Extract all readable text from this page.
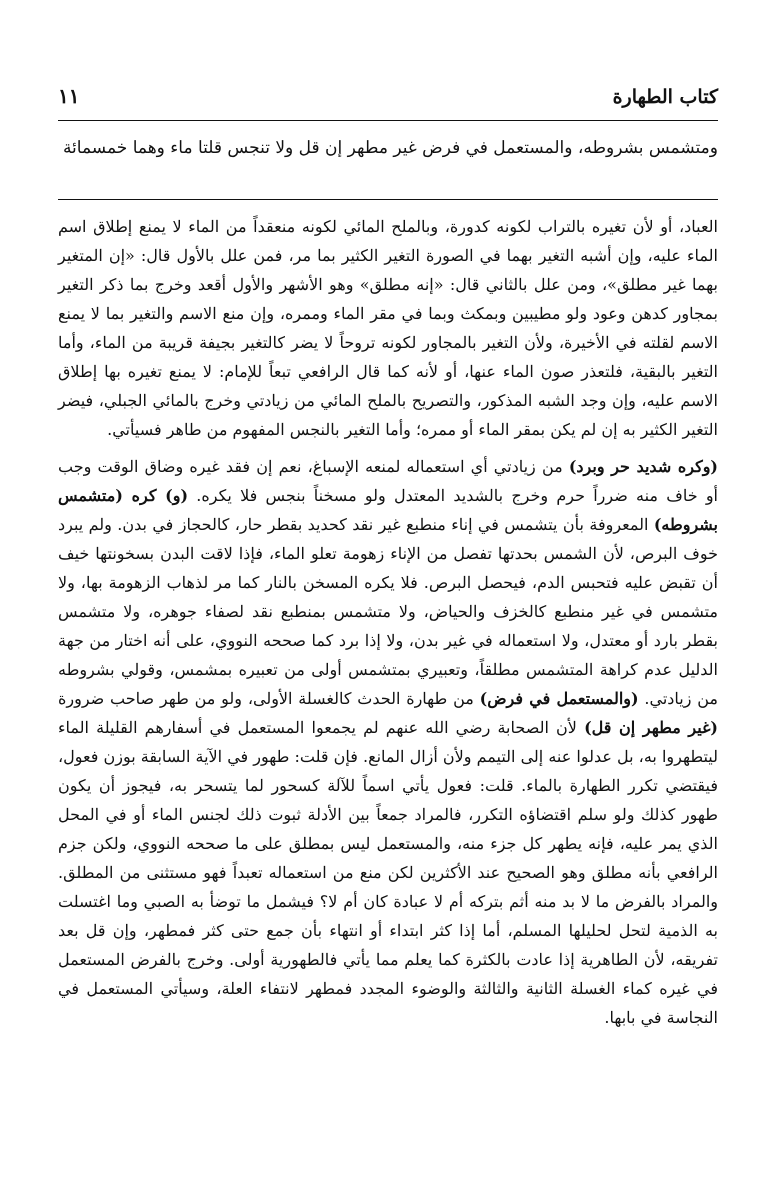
كتاب الطهارة
١١
ومتشمس بشروطه، والمستعمل في فرض غير مطهر إن قل ولا تنجس قلتا ماء وهما خمسمائة

العباد، أو لأن تغيره بالتراب لكونه كدورة، وبالملح المائي لكونه منعقداً من الماء لا يمنع إطلاق اسم الماء عليه، وإن أشبه التغير بهما في الصورة التغير الكثير بما مر، فمن علل بالأول قال: «إن المتغير بهما غير مطلق»، ومن علل بالثاني قال: «إنه مطلق» وهو الأشهر والأول أقعد وخرج بما ذكر التغير بمجاور كدهن وعود ولو مطيبين وبمكث وبما في مقر الماء وممره، وإن منع الاسم والتغير بما لا يمنع الاسم لقلته في الأخيرة، ولأن التغير بالمجاور لكونه تروحاً لا يضر كالتغير بجيفة قريبة من الماء، وأما التغير بالبقية، فلتعذر صون الماء عنها، أو لأنه كما قال الرافعي تبعاً للإمام: لا يمنع تغيره بها إطلاق الاسم عليه، وإن وجد الشبه المذكور، والتصريح بالملح المائي من زيادتي وخرج بالمائي الجبلي، فيضر التغير الكثير به إن لم يكن بمقر الماء أو ممره؛ وأما التغير بالنجس المفهوم من طاهر فسيأتي.

(وكره شديد حر وبرد) من زيادتي أي استعماله لمنعه الإسباغ، نعم إن فقد غيره وضاق الوقت وجب أو خاف منه ضرراً حرم وخرج بالشديد المعتدل ولو مسخناً بنجس فلا يكره. (و) كره (متشمس بشروطه) المعروفة بأن يتشمس في إناء منطبع غير نقد كحديد بقطر حار، كالحجاز في بدن. ولم يبرد خوف البرص، لأن الشمس بحدتها تفصل من الإناء زهومة تعلو الماء، فإذا لاقت البدن بسخونتها خيف أن تقبض عليه فتحبس الدم، فيحصل البرص. فلا يكره المسخن بالنار كما مر لذهاب الزهومة بها، ولا متشمس في غير منطبع كالخزف والحياض، ولا متشمس بمنطبع نقد لصفاء جوهره، ولا متشمس بقطر بارد أو معتدل، ولا استعماله في غير بدن، ولا إذا برد كما صححه النووي، على أنه اختار من جهة الدليل عدم كراهة المتشمس مطلقاً، وتعبيري بمتشمس أولى من تعبيره بمشمس، وقولي بشروطه من زيادتي. (والمستعمل في فرض) من طهارة الحدث كالغسلة الأولى، ولو من طهر صاحب ضرورة (غير مطهر إن قل) لأن الصحابة رضي الله عنهم لم يجمعوا المستعمل في أسفارهم القليلة الماء ليتطهروا به، بل عدلوا عنه إلى التيمم ولأن أزال المانع. فإن قلت: طهور في الآية السابقة بوزن فعول، فيقتضي تكرر الطهارة بالماء. قلت: فعول يأتي اسماً للآلة كسحور لما يتسحر به، فيجوز أن يكون طهور كذلك ولو سلم اقتضاؤه التكرر، فالمراد جمعاً بين الأدلة ثبوت ذلك لجنس الماء أو في المحل الذي يمر عليه، فإنه يطهر كل جزء منه، والمستعمل ليس بمطلق على ما صححه النووي، ولكن جزم الرافعي بأنه مطلق وهو الصحيح عند الأكثرين لكن منع من استعماله تعبداً فهو مستثنى من المطلق. والمراد بالفرض ما لا بد منه أثم بتركه أم لا عبادة كان أم لا؟ فيشمل ما توضأ به الصبي وما اغتسلت به الذمية لتحل لحليلها المسلم، أما إذا كثر ابتداء أو انتهاء بأن جمع حتى كثر فمطهر، وإن قل بعد تفريقه، لأن الطاهرية إذا عادت بالكثرة كما يعلم مما يأتي فالطهورية أولى. وخرج بالفرض المستعمل في غيره كماء الغسلة الثانية والثالثة والوضوء المجدد فمطهر لانتفاء العلة، وسيأتي المستعمل في النجاسة في بابها.
